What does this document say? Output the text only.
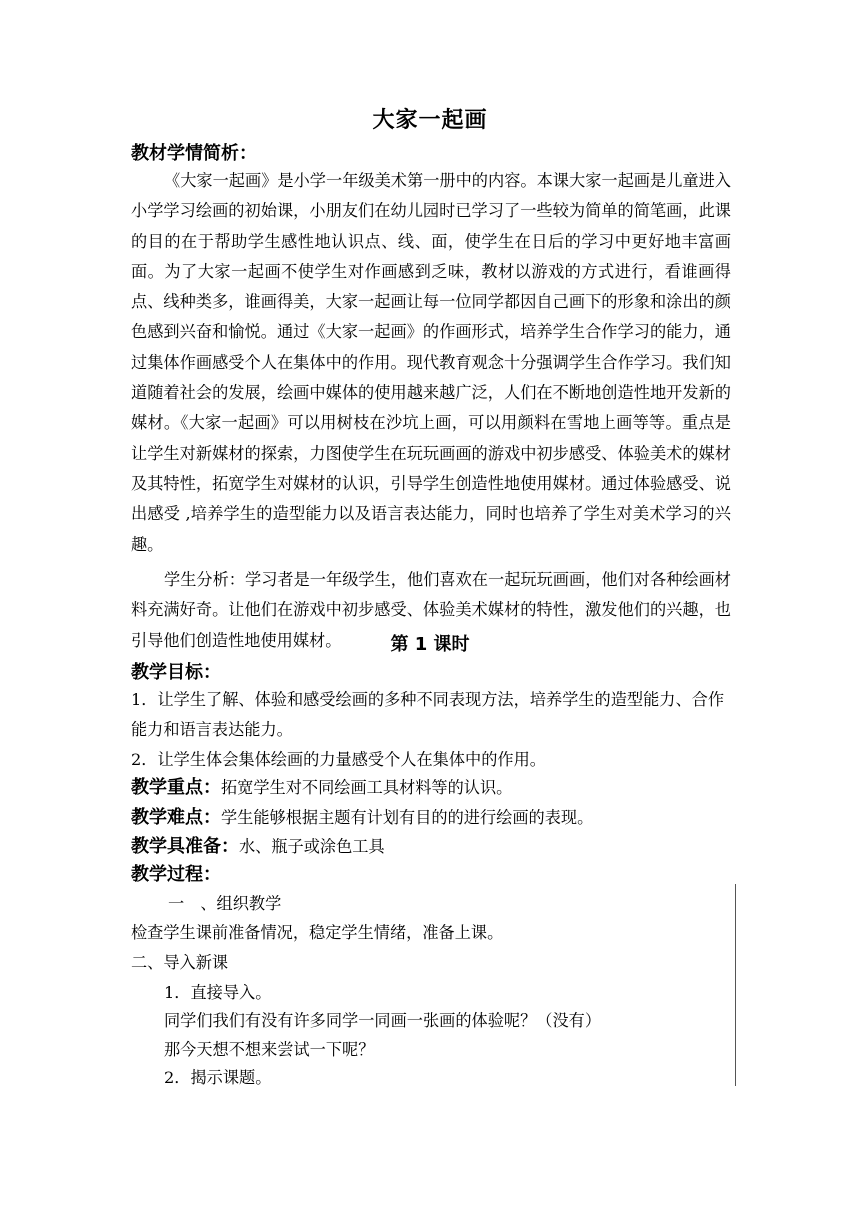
大家一起画
教材学情简析：
《大家一起画》是小学一年级美术第一册中的内容。本课大家一起画是儿童进入小学学习绘画的初始课，小朋友们在幼儿园时已学习了一些较为简单的简笔画，此课的目的在于帮助学生感性地认识点、线、面，使学生在日后的学习中更好地丰富画面。为了大家一起画不使学生对作画感到乏味，教材以游戏的方式进行，看谁画得点、线种类多，谁画得美，大家一起画让每一位同学都因自己画下的形象和涂出的颜色感到兴奋和愉悦。通过《大家一起画》的作画形式，培养学生合作学习的能力，通过集体作画感受个人在集体中的作用。现代教育观念十分强调学生合作学习。我们知道随着社会的发展，绘画中媒体的使用越来越广泛，人们在不断地创造性地开发新的媒材。《大家一起画》可以用树枝在沙坑上画，可以用颜料在雪地上画等等。重点是让学生对新媒材的探索，力图使学生在玩玩画画的游戏中初步感受、体验美术的媒材及其特性，拓宽学生对媒材的认识，引导学生创造性地使用媒材。通过体验感受、说出感受 ,培养学生的造型能力以及语言表达能力，同时也培养了学生对美术学习的兴趣。
学生分析：学习者是一年级学生，他们喜欢在一起玩玩画画，他们对各种绘画材料充满好奇。让他们在游戏中初步感受、体验美术媒材的特性，激发他们的兴趣，也引导他们创造性地使用媒材。	第 1 课时
教学目标：
1．让学生了解、体验和感受绘画的多种不同表现方法，培养学生的造型能力、合作能力和语言表达能力。
2．让学生体会集体绘画的力量感受个人在集体中的作用。
教学重点：拓宽学生对不同绘画工具材料等的认识。
教学难点：学生能够根据主题有计划有目的的进行绘画的表现。
教学具准备：水、瓶子或涂色工具
教学过程：
一　、组织教学
检查学生课前准备情况，稳定学生情绪，准备上课。
二、导入新课
1．直接导入。
同学们我们有没有许多同学一同画一张画的体验呢？（没有）
那今天想不想来尝试一下呢？
2．揭示课题。
